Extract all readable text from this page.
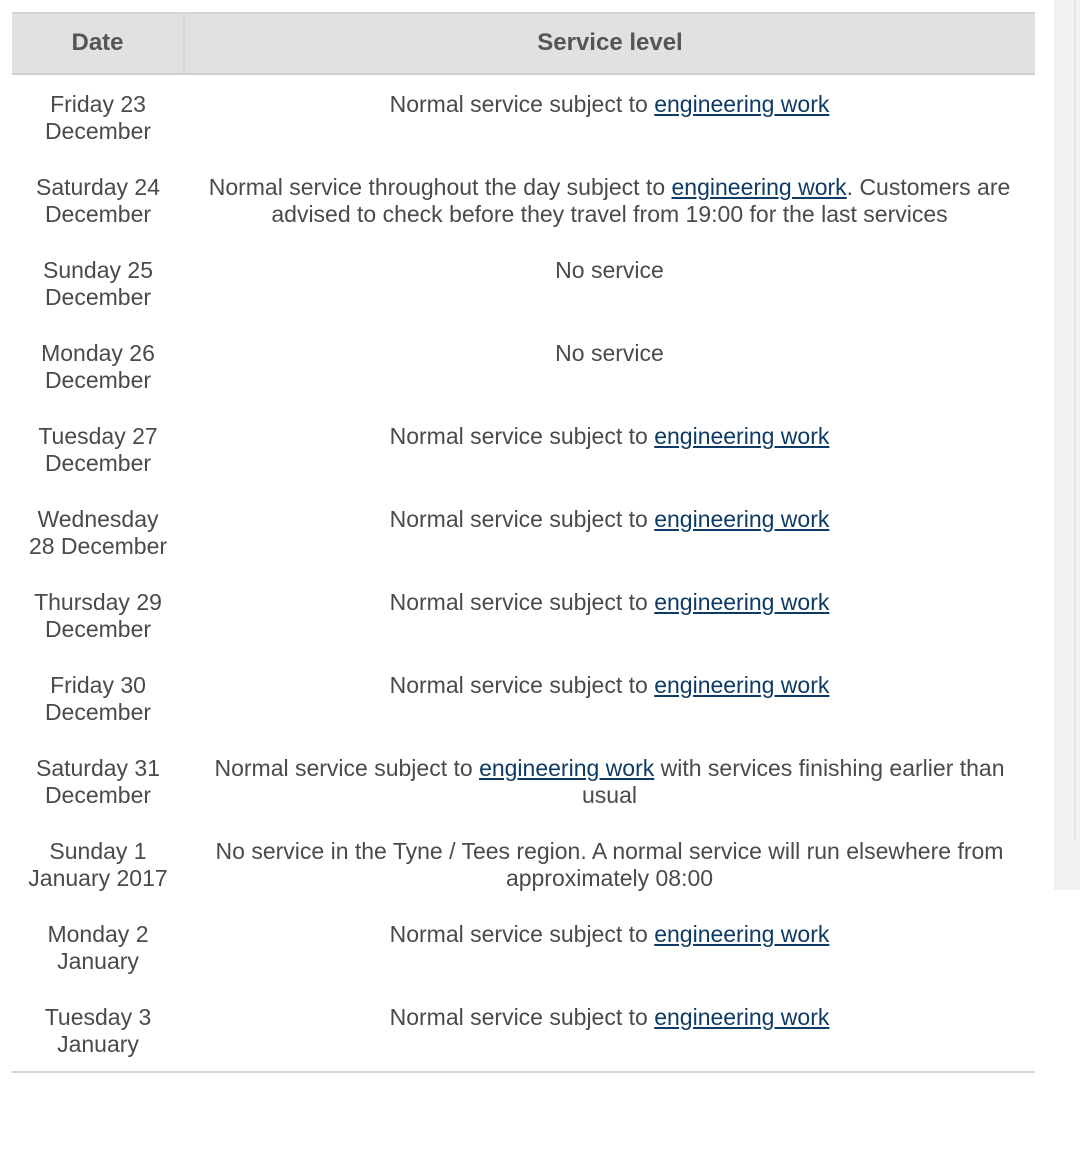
Date	Service level
Friday 23 December	Normal service subject to engineering work
Saturday 24 December	Normal service throughout the day subject to engineering work. Customers are advised to check before they travel from 19:00 for the last services
Sunday 25 December	No service
Monday 26 December	No service
Tuesday 27 December	Normal service subject to engineering work
Wednesday 28 December	Normal service subject to engineering work
Thursday 29 December	Normal service subject to engineering work
Friday 30 December	Normal service subject to engineering work
Saturday 31 December	Normal service subject to engineering work with services finishing earlier than usual
Sunday 1 January 2017	No service in the Tyne / Tees region. A normal service will run elsewhere from approximately 08:00
Monday 2 January	Normal service subject to engineering work
Tuesday 3 January	Normal service subject to engineering work
